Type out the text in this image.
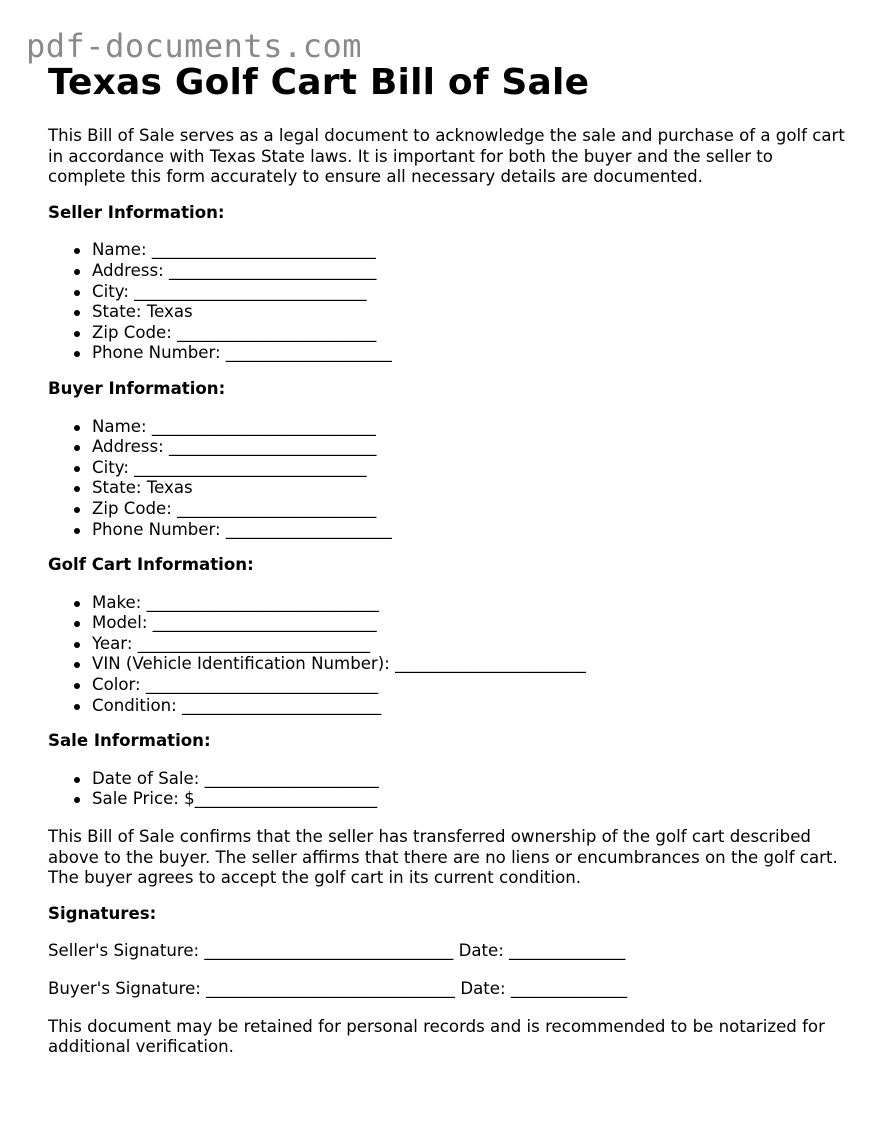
pdf-documents.com
Texas Golf Cart Bill of Sale

This Bill of Sale serves as a legal document to acknowledge the sale and purchase of a golf cart in accordance with Texas State laws. It is important for both the buyer and the seller to complete this form accurately to ensure all necessary details are documented.

Seller Information:
Name: ___________________________
Address: _________________________
City: ____________________________
State: Texas
Zip Code: ________________________
Phone Number: ____________________
Buyer Information:
Name: ___________________________
Address: _________________________
City: ____________________________
State: Texas
Zip Code: ________________________
Phone Number: ____________________
Golf Cart Information:
Make: ____________________________
Model: ___________________________
Year: ____________________________
VIN (Vehicle Identification Number): _______________________
Color: ____________________________
Condition: ________________________
Sale Information:
Date of Sale: _____________________
Sale Price: $______________________

This Bill of Sale confirms that the seller has transferred ownership of the golf cart described above to the buyer. The seller affirms that there are no liens or encumbrances on the golf cart. The buyer agrees to accept the golf cart in its current condition.

Signatures:

Seller's Signature: ______________________________ Date: ______________

Buyer's Signature: ______________________________ Date: ______________

This document may be retained for personal records and is recommended to be notarized for additional verification.
